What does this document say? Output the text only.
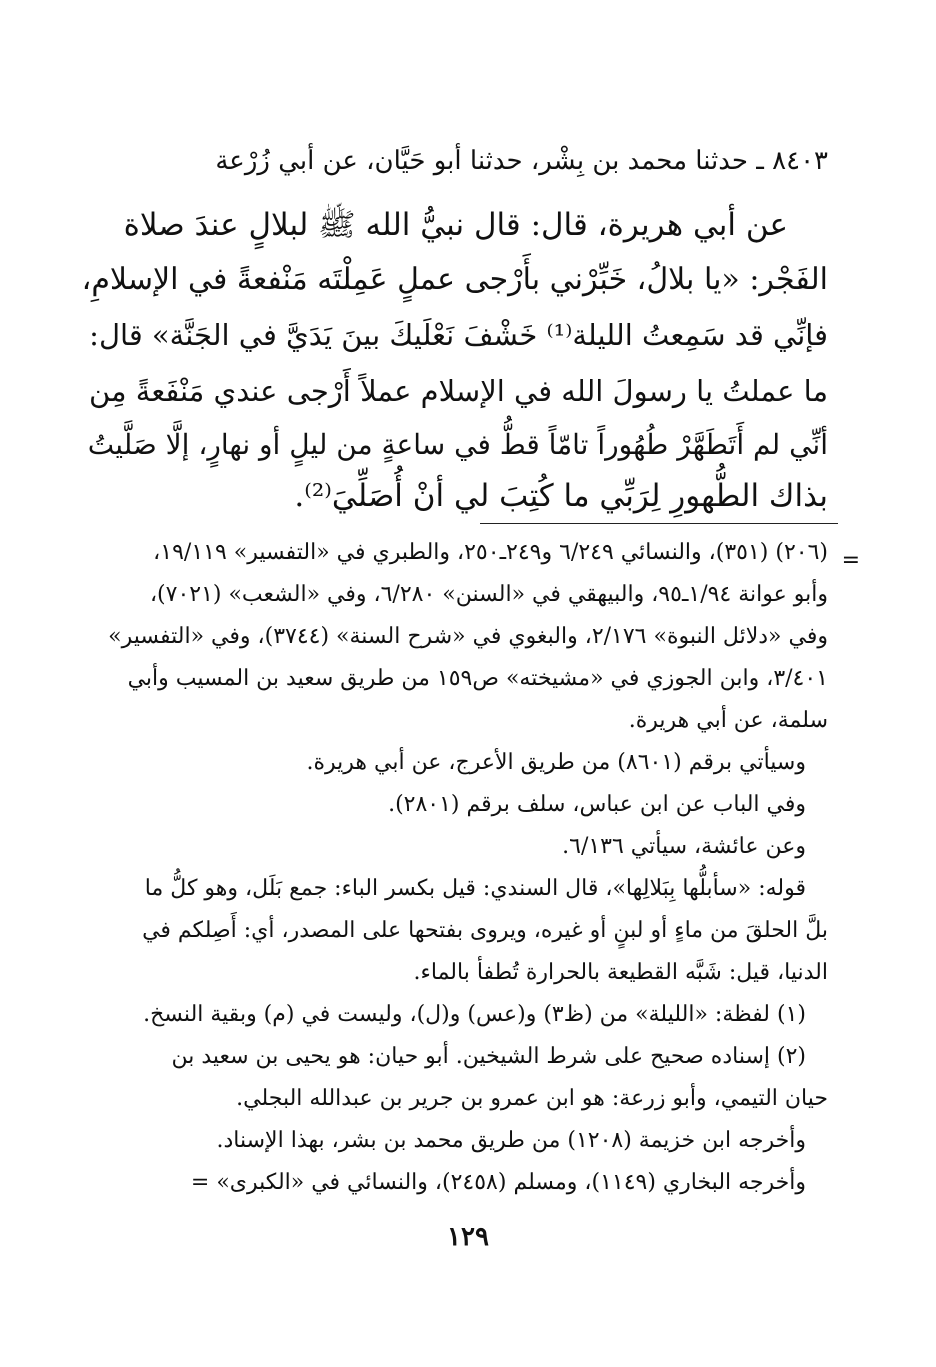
٨٤٠٣ ـ حدثنا محمد بن بِشْر، حدثنا أبو حَيَّان، عن أبي زُرْعة
عن أبي هريرة، قال: قال نبيُّ الله ﷺ لبلالٍ عندَ صلاة
الفَجْر: «يا بلالُ، خَبِّرْني بأَرْجى عملٍ عَمِلْتَه مَنْفعةً في الإسلامِ،
فإنِّي قد سَمِعتُ الليلة⁽¹⁾ خَشْفَ نَعْلَيكَ بينَ يَدَيَّ في الجَنَّة» قال:
ما عملتُ يا رسولَ الله في الإسلام عملاً أَرْجى عندي مَنْفَعةً مِن
أنِّي لم أَتَطَهَّرْ طُهُوراً تامّاً قطُّ في ساعةٍ من ليلٍ أو نهارٍ، إلَّا صَلَّيتُ
بذاك الطُّهورِ لِرَبِّي ما كُتِبَ لي أنْ أُصَلِّيَ⁽²⁾.
=
(٢٠٦) (٣٥١)، والنسائي ٦/٢٤٩ و٢٤٩ـ٢٥٠، والطبري في «التفسير» ١٩/١١٩،
وأبو عوانة ١/٩٤ـ٩٥، والبيهقي في «السنن» ٦/٢٨٠، وفي «الشعب» (٧٠٢١)،
وفي «دلائل النبوة» ٢/١٧٦، والبغوي في «شرح السنة» (٣٧٤٤)، وفي «التفسير»
٣/٤٠١، وابن الجوزي في «مشيخته» ص١٥٩ من طريق سعيد بن المسيب وأبي
سلمة، عن أبي هريرة.
وسيأتي برقم (٨٦٠١) من طريق الأعرج، عن أبي هريرة.
وفي الباب عن ابن عباس، سلف برقم (٢٨٠١).
وعن عائشة، سيأتي ٦/١٣٦.
قوله: «سأبلُّها بِبَلالِها»، قال السندي: قيل بكسر الباء: جمع بَلَل، وهو كلُّ ما
بلَّ الحلقَ من ماءٍ أو لبنٍ أو غيره، ويروى بفتحها على المصدر، أي: أَصِلكم في
الدنيا، قيل: شَبَّه القطيعة بالحرارة تُطفأ بالماء.
(١) لفظة: «الليلة» من (ظ٣) و(عس) و(ل)، وليست في (م) وبقية النسخ.
(٢) إسناده صحيح على شرط الشيخين. أبو حيان: هو يحيى بن سعيد بن
حيان التيمي، وأبو زرعة: هو ابن عمرو بن جرير بن عبدالله البجلي.
وأخرجه ابن خزيمة (١٢٠٨) من طريق محمد بن بشر، بهذا الإسناد.
وأخرجه البخاري (١١٤٩)، ومسلم (٢٤٥٨)، والنسائي في «الكبرى» =
١٢٩
